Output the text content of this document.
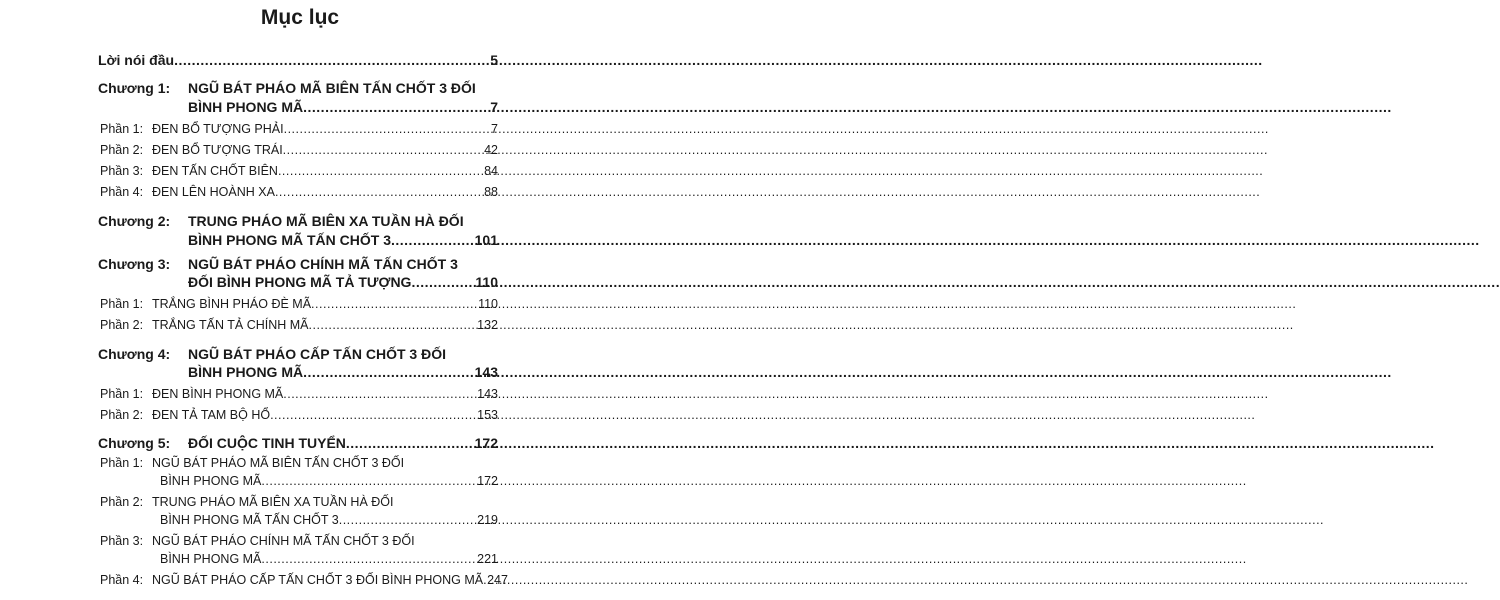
Mục lục
Lời nói đầu .....	5
Chương 1:	NGŨ BÁT PHÁO MÃ BIÊN TẤN CHỐT 3 ĐỐI
BÌNH PHONG MÃ .....	7
Phần 1: ĐEN BỔ TƯỢNG PHẢI .....	7
Phần 2: ĐEN BỔ TƯỢNG TRÁI .....	42
Phần 3: ĐEN TẤN CHỐT BIÊN .....	84
Phần 4: ĐEN LÊN HOÀNH XA .....	88
Chương 2:	TRUNG PHÁO MÃ BIÊN XA TUẦN HÀ ĐỐI
BÌNH PHONG MÃ TẤN CHỐT 3 .....	101
Chương 3:	NGŨ BÁT PHÁO CHÍNH MÃ TẤN CHỐT 3
ĐỐI BÌNH PHONG MÃ TẢ TƯỢNG .....	110
Phần 1: TRẮNG BÌNH PHÁO ĐÈ MÃ .....	110
Phần 2: TRẮNG TẤN TẢ CHÍNH MÃ .....	132
Chương 4:	NGŨ BÁT PHÁO CẤP TẤN CHỐT 3 ĐỐI
BÌNH PHONG MÃ .....	143
Phần 1: ĐEN BÌNH PHONG MÃ .....	143
Phần 2: ĐEN TẢ TAM BỘ HỔ .....	153
Chương 5:	ĐỐI CUỘC TINH TUYỂN .....	172
Phần 1: NGŨ BÁT PHÁO MÃ BIÊN TẤN CHỐT 3 ĐỐI
BÌNH PHONG MÃ .....	172
Phần 2: TRUNG PHÁO MÃ BIÊN XA TUẦN HÀ ĐỐI
BÌNH PHONG MÃ TẤN CHỐT 3 .....	219
Phần 3: NGŨ BÁT PHÁO CHÍNH MÃ TẤN CHỐT 3 ĐỐI
BÌNH PHONG MÃ .....	221
Phần 4: NGŨ BÁT PHÁO CẤP TẤN CHỐT 3 ĐỐI BÌNH PHONG MÃ ..... 247
